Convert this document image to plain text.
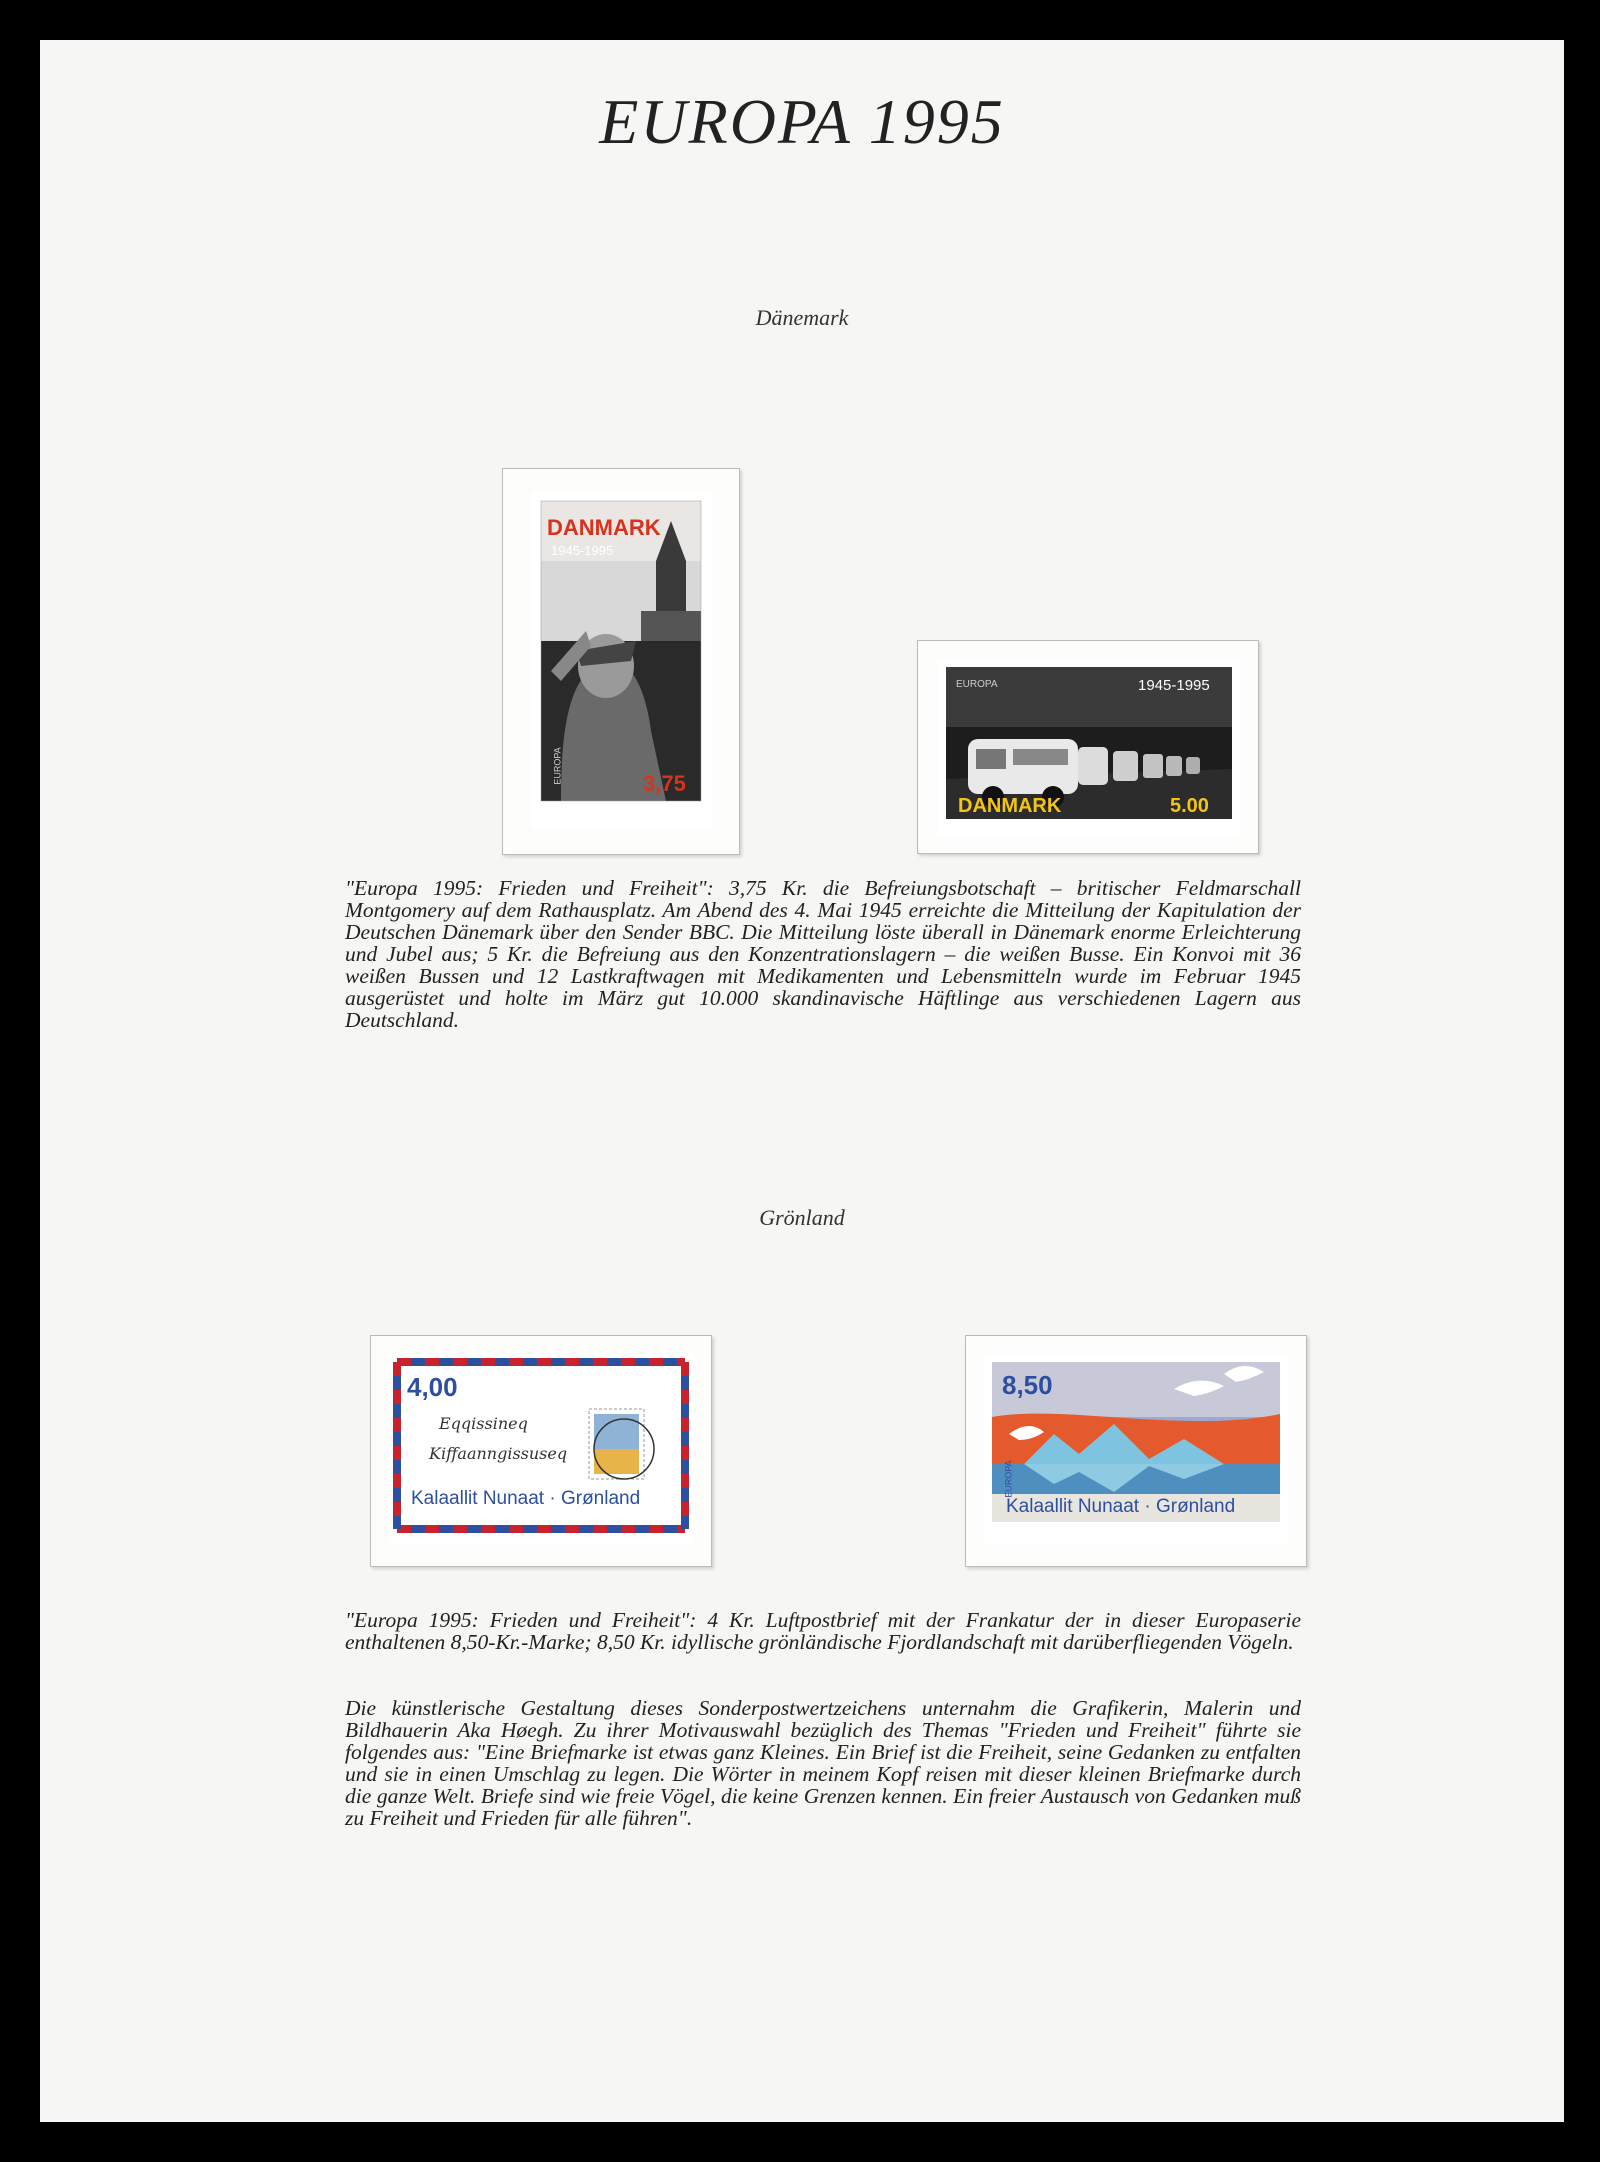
EUROPA 1995
Dänemark
DANMARK
1945-1995
3,75
EUROPA
EUROPA	1945-1995
DANMARK	5.00
"Europa 1995: Frieden und Freiheit": 3,75 Kr. die Befreiungsbotschaft – britischer Feldmarschall Montgomery auf dem Rathausplatz. Am Abend des 4. Mai 1945 erreichte die Mitteilung der Kapitulation der Deutschen Dänemark über den Sender BBC. Die Mitteilung löste überall in Dänemark enorme Erleichterung und Jubel aus; 5 Kr. die Befreiung aus den Konzentrationslagern – die weißen Busse. Ein Konvoi mit 36 weißen Bussen und 12 Lastkraftwagen mit Medikamenten und Lebensmitteln wurde im Februar 1945 ausgerüstet und holte im März gut 10.000 skandinavische Häftlinge aus verschiedenen Lagern aus Deutschland.
Grönland
4,00
Eqqissineq
Kiffaanngissuseq
Kalaallit Nunaat · Grønland
8,50
EUROPA
Kalaallit Nunaat · Grønland
"Europa 1995: Frieden und Freiheit": 4 Kr. Luftpostbrief mit der Frankatur der in dieser Europaserie enthaltenen 8,50-Kr.-Marke; 8,50 Kr. idyllische grönländische Fjordlandschaft mit darüberfliegenden Vögeln.
Die künstlerische Gestaltung dieses Sonderpostwertzeichens unternahm die Grafikerin, Malerin und Bildhauerin Aka Høegh. Zu ihrer Motivauswahl bezüglich des Themas "Frieden und Freiheit" führte sie folgendes aus: "Eine Briefmarke ist etwas ganz Kleines. Ein Brief ist die Freiheit, seine Gedanken zu entfalten und sie in einen Umschlag zu legen. Die Wörter in meinem Kopf reisen mit dieser kleinen Briefmarke durch die ganze Welt. Briefe sind wie freie Vögel, die keine Grenzen kennen. Ein freier Austausch von Gedanken muß zu Freiheit und Frieden für alle führen".
